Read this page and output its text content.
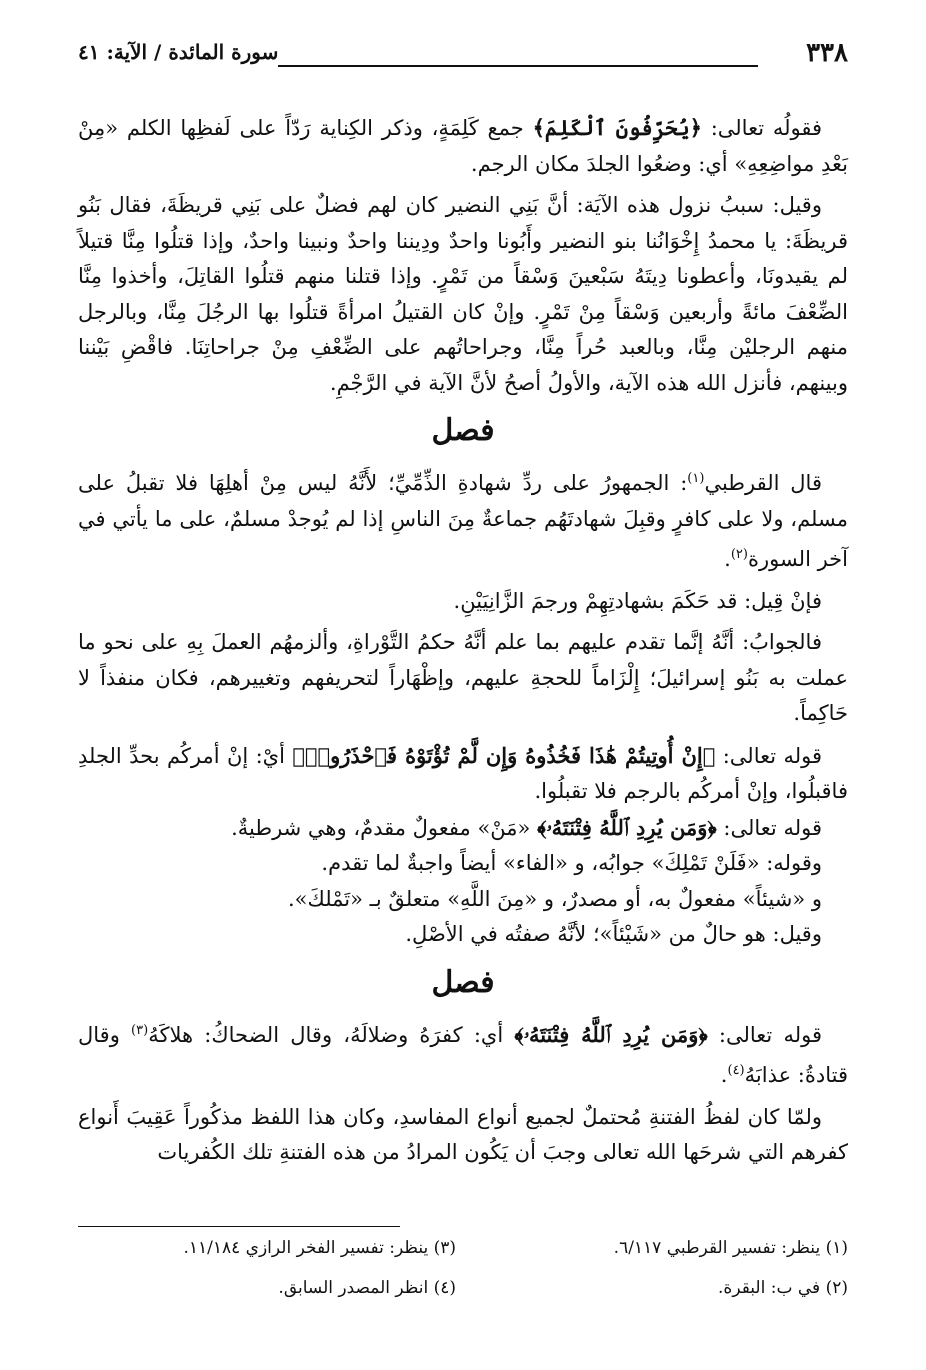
٣٣٨
سورة المائدة / الآية: ٤١

فقولُه تعالى: ﴿يُحَرِّفُونَ ٱلْكَلِمَ﴾ جمع كَلِمَةٍ، وذكر الكِناية رَدّاً على لَفظِها الكلم «مِنْ بَعْدِ مواضِعِهِ» أي: وضعُوا الجلدَ مكان الرجم.

وقيل: سببُ نزول هذه الآيَة: أنَّ بَنِي النضير كان لهم فضلٌ على بَنِي قريظَةَ، فقال بَنُو قريظَةَ: يا محمدُ إِخْوَانُنا بنو النضير وأَبُونا واحدٌ ودِيننا واحدٌ ونبينا واحدٌ، وإذا قتلُوا مِنَّا قتيلاً لم يقيدونَا، وأعطونا دِيتَهُ سَبْعينَ وَسْقاً من تَمْرٍ. وإذا قتلنا منهم قتلُوا القاتِلَ، وأخذوا مِنَّا الضِّعْفَ مائةً وأربعين وَسْقاً مِنْ تَمْرٍ. وإنْ كان القتيلُ امرأةً قتلُوا بها الرجُلَ مِنَّا، وبالرجل منهم الرجليْن مِنَّا، وبالعبد حُراً مِنَّا، وجراحاتُهم على الضِّعْفِ مِنْ جراحاتِنَا. فاقْضِ بَيْننا وبينهم، فأنزل الله هذه الآية، والأولُ أصحُ لأنَّ الآية في الرَّجْمِ.

فصل

قال القرطبي$^{(١)}$: الجمهورُ على ردِّ شهادةِ الذِّمِّيِّ؛ لأَنَّهُ ليس مِنْ أهلِهَا فلا تقبلُ على مسلم، ولا على كافرٍ وقبِلَ شهادتَهُم جماعةٌ مِنَ الناسِ إذا لم يُوجدْ مسلمٌ، على ما يأتي في آخر السورة$^{(٢)}$.

فإنْ قِيل: قد حَكَمَ بشهادتِهِمْ ورجمَ الزَّانِيَيْنِ.

فالجوابُ: أنَّهُ إنَّما تقدم عليهم بما علم أنَّهُ حكمُ التَّوْراةِ، وألزمهُم العملَ بِهِ على نحو ما عملت به بَنُو إسرائيلَ؛ إِلْزَاماً للحجةِ عليهم، وإظْهَاراً لتحريفهم وتغييرهم، فكان منفذاً لا حَاكِماً.

قوله تعالى: ﴿إِنْ أُوتِيتُمْ هَٰذَا فَخُذُوهُ وَإِن لَّمْ تُؤْتَوْهُ فَٱحْذَرُوا۟﴾ أيْ: إنْ أمركُم بحدِّ الجلدِ فاقبلُوا، وإنْ أمركُم بالرجم فلا تقبلُوا.

قوله تعالى: ﴿وَمَن يُرِدِ ٱللَّهُ فِتْنَتَهُۥ﴾ «مَنْ» مفعولٌ مقدمٌ، وهي شرطيةٌ.

وقوله: «فَلَنْ تَمْلِكَ» جوابُه، و «الفاء» أيضاً واجبةٌ لما تقدم.

و «شيئاً» مفعولٌ به، أو مصدرٌ، و «مِنَ اللَّهِ» متعلقٌ بـ «تَمْلكَ».

وقيل: هو حالٌ من «شَيْئاً»؛ لأنَّهُ صفتُه في الأصْلِ.

فصل

قوله تعالى: ﴿وَمَن يُرِدِ ٱللَّهُ فِتْنَتَهُۥ﴾ أي: كفرَهُ وضلالَهُ، وقال الضحاكُ: هلاكَهُ$^{(٣)}$ وقال قتادةُ: عذابَهُ$^{(٤)}$.

ولمّا كان لفظُ الفتنةِ مُحتملٌ لجميع أنواع المفاسدِ، وكان هذا اللفظ مذكُوراً عَقِيبَ أَنواع كفرهم التي شرحَها الله تعالى وجبَ أن يَكُون المرادُ من هذه الفتنةِ تلك الكُفريات

(١) ينظر: تفسير القرطبي ٦/١١٧.
(٣) ينظر: تفسير الفخر الرازي ١١/١٨٤.
(٢) في ب: البقرة.
(٤) انظر المصدر السابق.
